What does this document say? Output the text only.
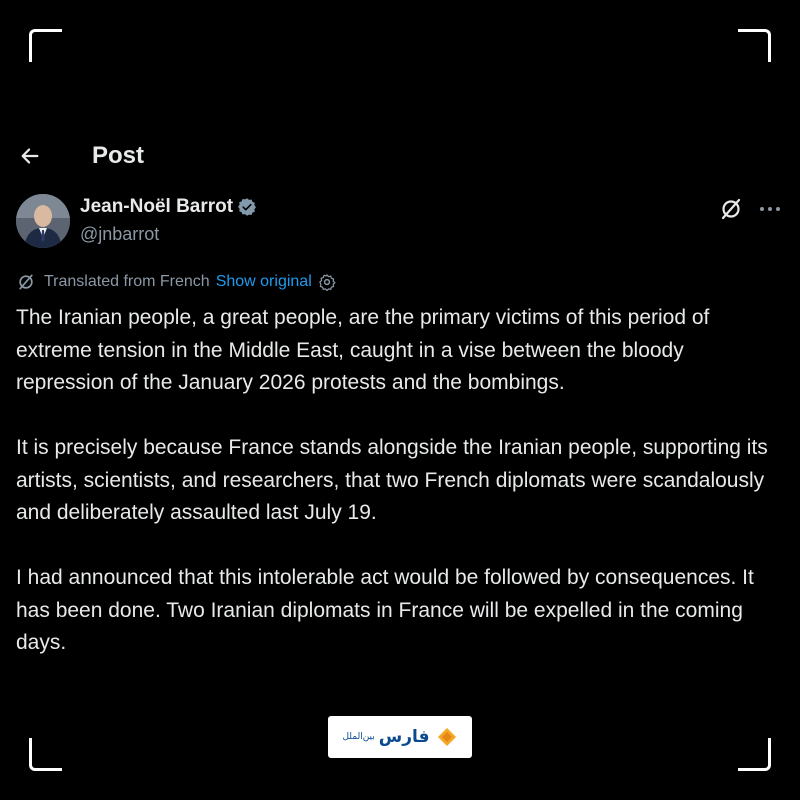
Post
Jean-Noël Barrot
@jnbarrot
Translated from French Show original

The Iranian people, a great people, are the primary victims of this period of extreme tension in the Middle East, caught in a vise between the bloody repression of the January 2026 protests and the bombings.

It is precisely because France stands alongside the Iranian people, supporting its artists, scientists, and researchers, that two French diplomats were scandalously and deliberately assaulted last July 19.

I had announced that this intolerable act would be followed by consequences. It has been done. Two Iranian diplomats in France will be expelled in the coming days.

بین‌الملل فارس
